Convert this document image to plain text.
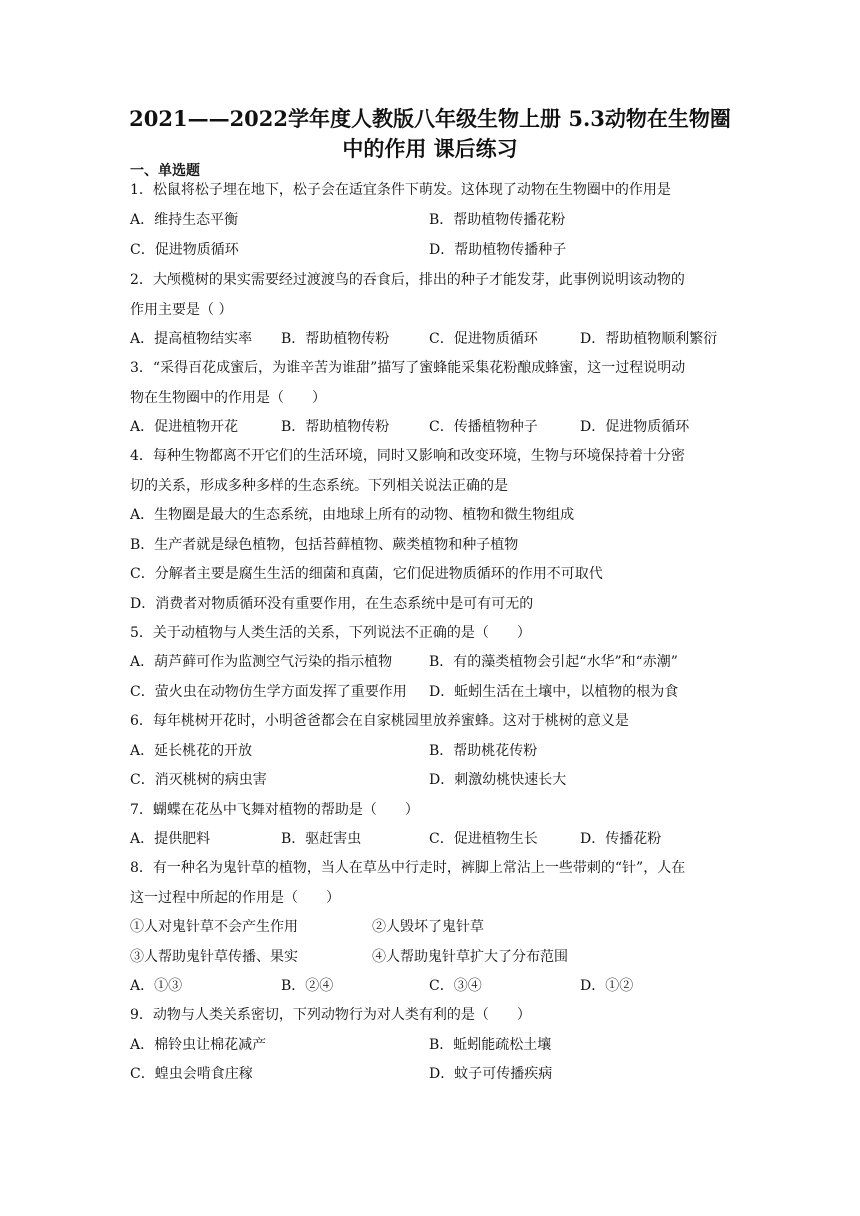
2021——2022学年度人教版八年级生物上册 5.3动物在生物圈
中的作用 课后练习
一、单选题
1．松鼠将松子埋在地下，松子会在适宜条件下萌发。这体现了动物在生物圈中的作用是
A．维持生态平衡	B．帮助植物传播花粉
C．促进物质循环	D．帮助植物传播种子
2．大颅榄树的果实需要经过渡渡鸟的吞食后，排出的种子才能发芽，此事例说明该动物的
作用主要是（ ）
A．提高植物结实率 B．帮助植物传粉	C．促进物质循环	D．帮助植物顺利繁衍
3．“采得百花成蜜后，为谁辛苦为谁甜”描写了蜜蜂能采集花粉酿成蜂蜜，这一过程说明动
物在生物圈中的作用是（　　）
A．促进植物开花	B．帮助植物传粉	C．传播植物种子	D．促进物质循环
4．每种生物都离不开它们的生活环境，同时又影响和改变环境，生物与环境保持着十分密
切的关系，形成多种多样的生态系统。下列相关说法正确的是
A．生物圈是最大的生态系统，由地球上所有的动物、植物和微生物组成
B．生产者就是绿色植物，包括苔藓植物、蕨类植物和种子植物
C．分解者主要是腐生生活的细菌和真菌，它们促进物质循环的作用不可取代
D．消费者对物质循环没有重要作用，在生态系统中是可有可无的
5．关于动植物与人类生活的关系，下列说法不正确的是（　　）
A．葫芦藓可作为监测空气污染的指示植物	B．有的藻类植物会引起“水华”和“赤潮”
C．萤火虫在动物仿生学方面发挥了重要作用 D．蚯蚓生活在土壤中，以植物的根为食
6．每年桃树开花时，小明爸爸都会在自家桃园里放养蜜蜂。这对于桃树的意义是
A．延长桃花的开放	B．帮助桃花传粉
C．消灭桃树的病虫害	D．刺激幼桃快速长大
7．蝴蝶在花丛中飞舞对植物的帮助是（　　）
A．提供肥料	B．驱赶害虫	C．促进植物生长	D．传播花粉
8．有一种名为鬼针草的植物，当人在草丛中行走时，裤脚上常沾上一些带刺的“针”，人在
这一过程中所起的作用是（　　）
①人对鬼针草不会产生作用	②人毁坏了鬼针草
③人帮助鬼针草传播、果实	④人帮助鬼针草扩大了分布范围
A．①③	B．②④	C．③④	D．①②
9．动物与人类关系密切，下列动物行为对人类有利的是（　　）
A．棉铃虫让棉花减产	B．蚯蚓能疏松土壤
C．蝗虫会啃食庄稼	D．蚊子可传播疾病
